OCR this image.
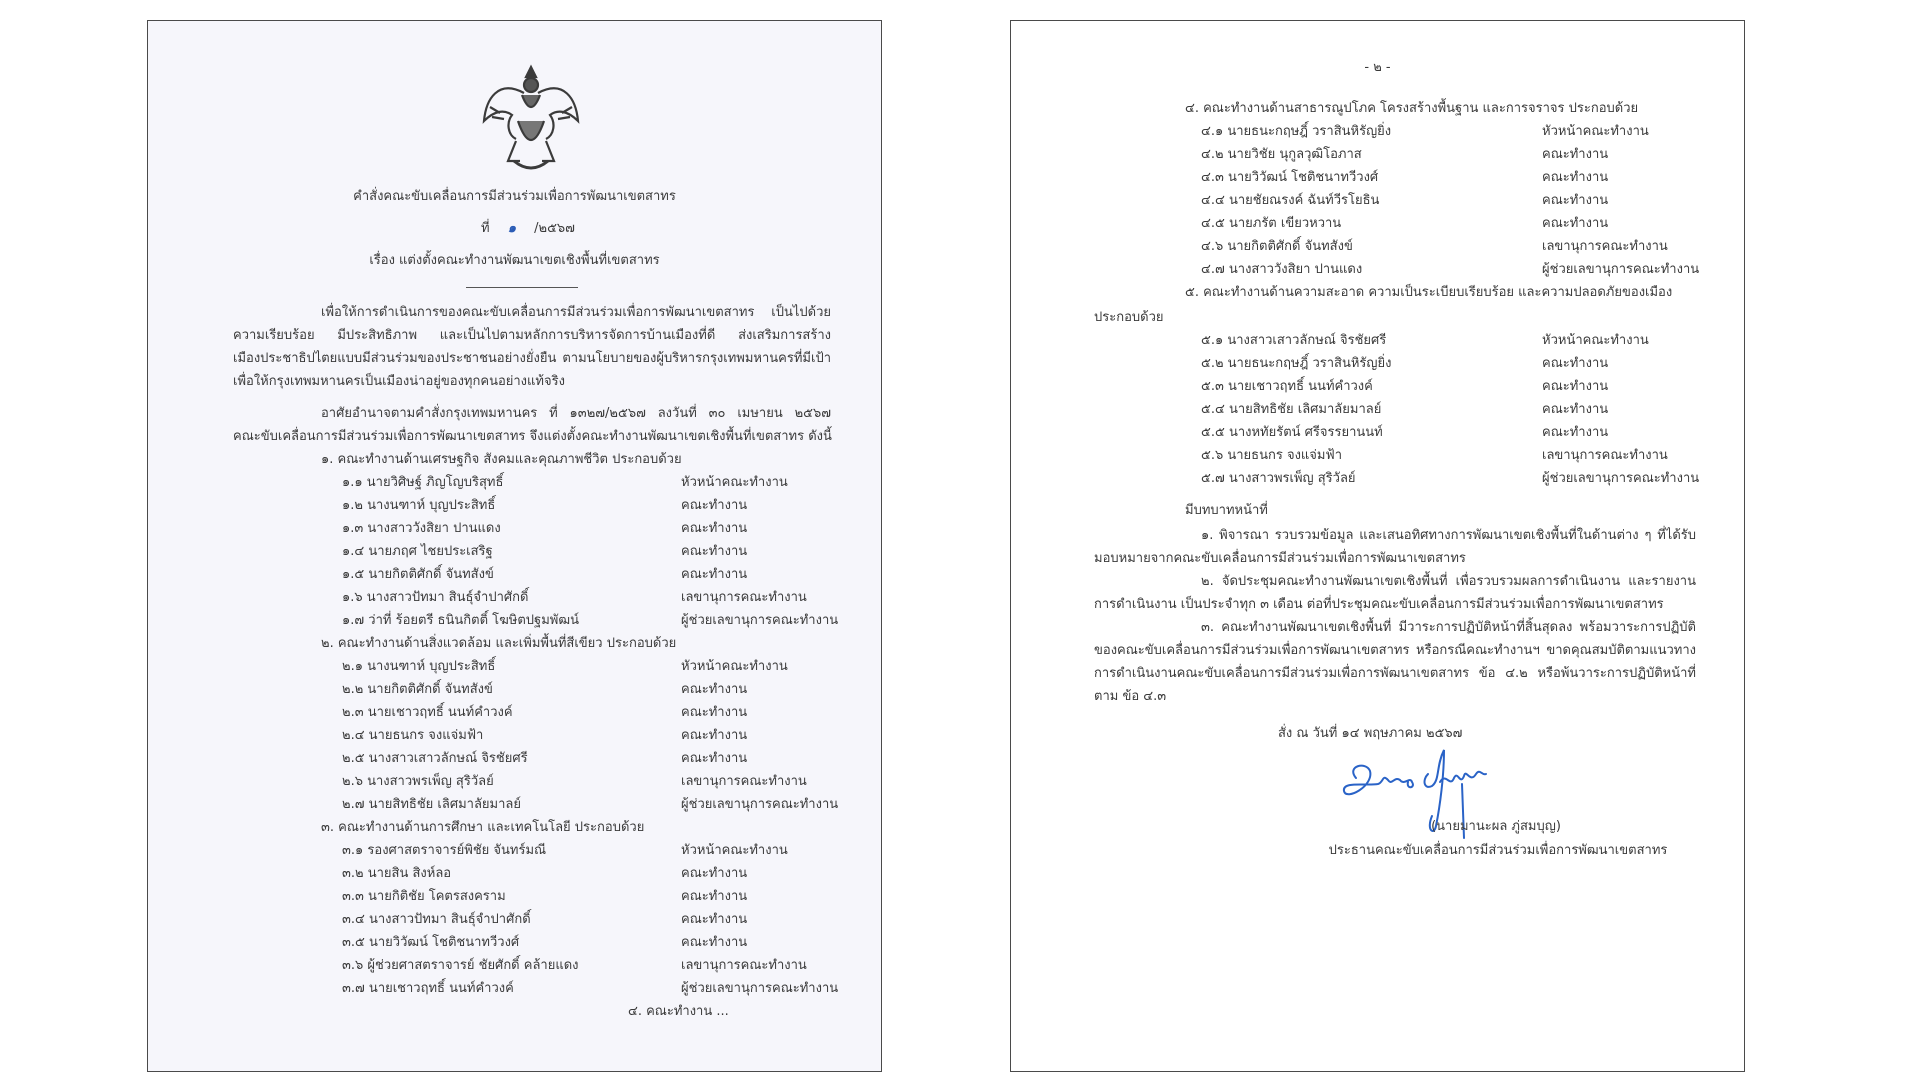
คำสั่งคณะขับเคลื่อนการมีส่วนร่วมเพื่อการพัฒนาเขตสาทร
ที่ ๑ /๒๕๖๗
เรื่อง แต่งตั้งคณะทำงานพัฒนาเขตเชิงพื้นที่เขตสาทร
เพื่อให้การดำเนินการของคณะขับเคลื่อนการมีส่วนร่วมเพื่อการพัฒนาเขตสาทร เป็นไปด้วย
ความเรียบร้อย มีประสิทธิภาพ และเป็นไปตามหลักการบริหารจัดการบ้านเมืองที่ดี ส่งเสริมการสร้าง
เมืองประชาธิปไตยแบบมีส่วนร่วมของประชาชนอย่างยั่งยืน ตามนโยบายของผู้บริหารกรุงเทพมหานครที่มีเป้า
เพื่อให้กรุงเทพมหานครเป็นเมืองน่าอยู่ของทุกคนอย่างแท้จริง
อาศัยอำนาจตามคำสั่งกรุงเทพมหานคร ที่ ๑๓๒๗/๒๕๖๗ ลงวันที่ ๓๐ เมษายน ๒๕๖๗
คณะขับเคลื่อนการมีส่วนร่วมเพื่อการพัฒนาเขตสาทร จึงแต่งตั้งคณะทำงานพัฒนาเขตเชิงพื้นที่เขตสาทร ดังนี้
๑. คณะทำงานด้านเศรษฐกิจ สังคมและคุณภาพชีวิต ประกอบด้วย
๑.๑ นายวิศิษฐ์ ภิญโญบริสุทธิ์	หัวหน้าคณะทำงาน
๑.๒ นางนฑาห์ บุญประสิทธิ์	คณะทำงาน
๑.๓ นางสาววังสิยา ปานแดง	คณะทำงาน
๑.๔ นายภฤศ ไชยประเสริฐ	คณะทำงาน
๑.๕ นายกิตติศักดิ์ จันทสังข์	คณะทำงาน
๑.๖ นางสาวปัทมา สินธุ์จำปาศักดิ์	เลขานุการคณะทำงาน
๑.๗ ว่าที่ ร้อยตรี ธนินกิตติ์ โฆษิตปฐมพัฒน์	ผู้ช่วยเลขานุการคณะทำงาน
๒. คณะทำงานด้านสิ่งแวดล้อม และเพิ่มพื้นที่สีเขียว ประกอบด้วย
๒.๑ นางนฑาห์ บุญประสิทธิ์	หัวหน้าคณะทำงาน
๒.๒ นายกิตติศักดิ์ จันทสังข์	คณะทำงาน
๒.๓ นายเชาวฤทธิ์ นนท์คำวงค์	คณะทำงาน
๒.๔ นายธนกร จงแจ่มฟ้า	คณะทำงาน
๒.๕ นางสาวเสาวลักษณ์ จิรชัยศรี	คณะทำงาน
๒.๖ นางสาวพรเพ็ญ สุริวัลย์	เลขานุการคณะทำงาน
๒.๗ นายสิทธิชัย เลิศมาลัยมาลย์	ผู้ช่วยเลขานุการคณะทำงาน
๓. คณะทำงานด้านการศึกษา และเทคโนโลยี ประกอบด้วย
๓.๑ รองศาสตราจารย์พิชัย จันทร์มณี	หัวหน้าคณะทำงาน
๓.๒ นายสิน สิงห์ลอ	คณะทำงาน
๓.๓ นายกิติชัย โคตรสงคราม	คณะทำงาน
๓.๔ นางสาวปัทมา สินธุ์จำปาศักดิ์	คณะทำงาน
๓.๕ นายวิวัฒน์ โชติชนาทวีวงศ์	คณะทำงาน
๓.๖ ผู้ช่วยศาสตราจารย์ ชัยศักดิ์ คล้ายแดง	เลขานุการคณะทำงาน
๓.๗ นายเชาวฤทธิ์ นนท์คำวงค์	ผู้ช่วยเลขานุการคณะทำงาน
๔. คณะทำงาน ...
- ๒ -
๔. คณะทำงานด้านสาธารณูปโภค โครงสร้างพื้นฐาน และการจราจร ประกอบด้วย
๔.๑ นายธนะกฤษฎิ์ วราสินหิรัญยิ่ง	หัวหน้าคณะทำงาน
๔.๒ นายวิชัย นุกูลวุฒิโอภาส	คณะทำงาน
๔.๓ นายวิวัฒน์ โชติชนาทวีวงศ์	คณะทำงาน
๔.๔ นายชัยณรงค์ ฉันท์วีรโยธิน	คณะทำงาน
๔.๕ นายภรัต เขียวหวาน	คณะทำงาน
๔.๖ นายกิตติศักดิ์ จันทสังข์	เลขานุการคณะทำงาน
๔.๗ นางสาววังสิยา ปานแดง	ผู้ช่วยเลขานุการคณะทำงาน
๕. คณะทำงานด้านความสะอาด ความเป็นระเบียบเรียบร้อย และความปลอดภัยของเมือง
ประกอบด้วย
๕.๑ นางสาวเสาวลักษณ์ จิรชัยศรี	หัวหน้าคณะทำงาน
๕.๒ นายธนะกฤษฎิ์ วราสินหิรัญยิ่ง	คณะทำงาน
๕.๓ นายเชาวฤทธิ์ นนท์คำวงค์	คณะทำงาน
๕.๔ นายสิทธิชัย เลิศมาลัยมาลย์	คณะทำงาน
๕.๕ นางหทัยรัตน์ ศรีจรรยานนท์	คณะทำงาน
๕.๖ นายธนกร จงแจ่มฟ้า	เลขานุการคณะทำงาน
๕.๗ นางสาวพรเพ็ญ สุริวัลย์	ผู้ช่วยเลขานุการคณะทำงาน
มีบทบาทหน้าที่
๑. พิจารณา รวบรวมข้อมูล และเสนอทิศทางการพัฒนาเขตเชิงพื้นที่ในด้านต่าง ๆ ที่ได้รับ
มอบหมายจากคณะขับเคลื่อนการมีส่วนร่วมเพื่อการพัฒนาเขตสาทร
๒. จัดประชุมคณะทำงานพัฒนาเขตเชิงพื้นที่ เพื่อรวบรวมผลการดำเนินงาน และรายงาน
การดำเนินงาน เป็นประจำทุก ๓ เดือน ต่อที่ประชุมคณะขับเคลื่อนการมีส่วนร่วมเพื่อการพัฒนาเขตสาทร
๓. คณะทำงานพัฒนาเขตเชิงพื้นที่ มีวาระการปฏิบัติหน้าที่สิ้นสุดลง พร้อมวาระการปฏิบัติ
ของคณะขับเคลื่อนการมีส่วนร่วมเพื่อการพัฒนาเขตสาทร หรือกรณีคณะทำงานฯ ขาดคุณสมบัติตามแนวทาง
การดำเนินงานคณะขับเคลื่อนการมีส่วนร่วมเพื่อการพัฒนาเขตสาทร ข้อ ๔.๒ หรือพ้นวาระการปฏิบัติหน้าที่
ตาม ข้อ ๔.๓
สั่ง ณ วันที่ ๑๔ พฤษภาคม ๒๕๖๗
(นายมานะผล ภู่สมบุญ)
ประธานคณะขับเคลื่อนการมีส่วนร่วมเพื่อการพัฒนาเขตสาทร
